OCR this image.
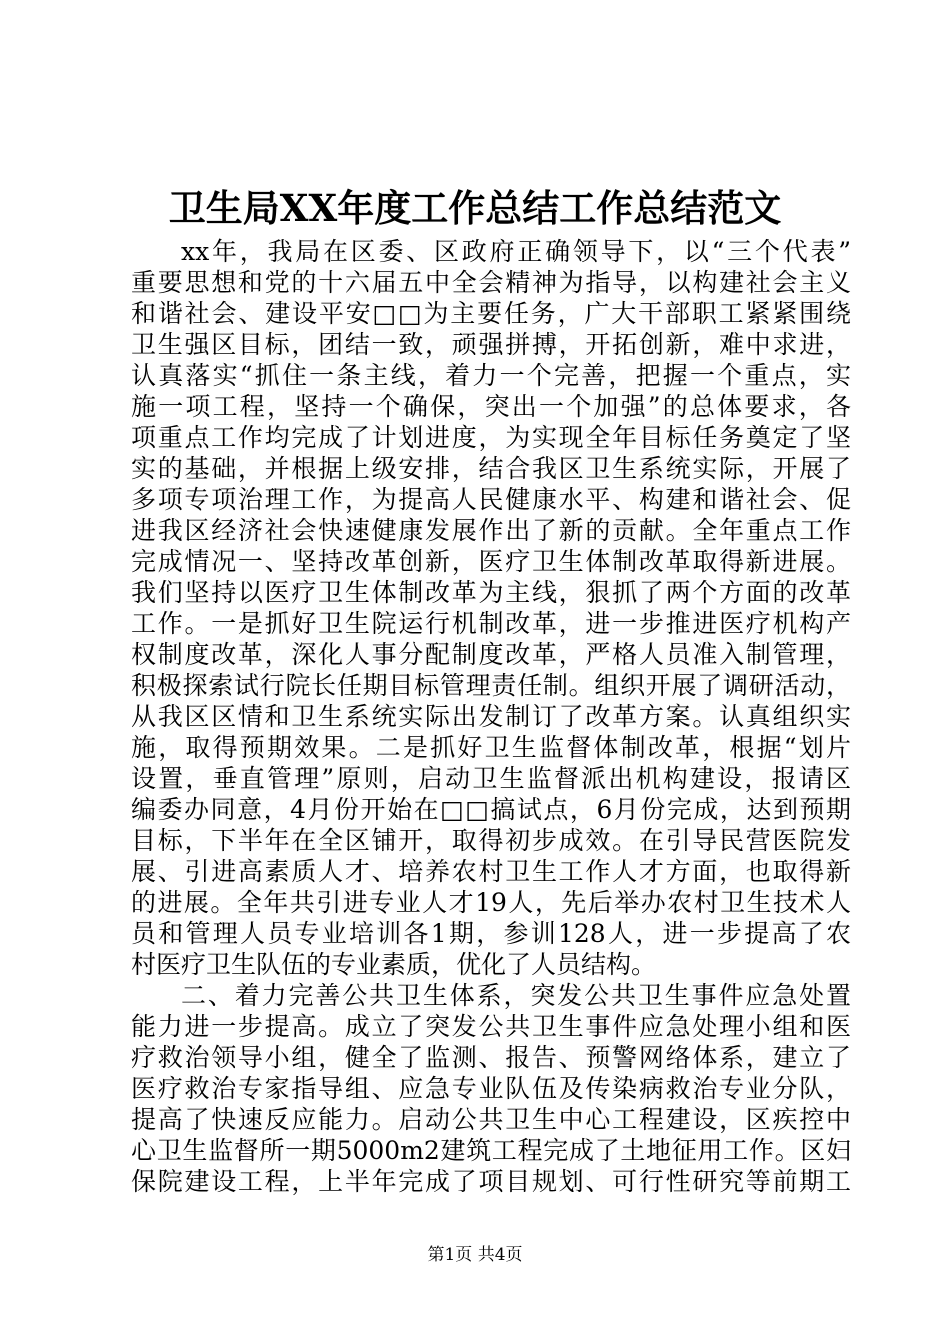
卫生局XX年度工作总结工作总结范文
xx年，我局在区委、区政府正确领导下，以“三个代表”
重要思想和党的十六届五中全会精神为指导，以构建社会主义
和谐社会、建设平安□□为主要任务，广大干部职工紧紧围绕
卫生强区目标，团结一致，顽强拼搏，开拓创新，难中求进，
认真落实“抓住一条主线，着力一个完善，把握一个重点，实
施一项工程，坚持一个确保，突出一个加强”的总体要求，各
项重点工作均完成了计划进度，为实现全年目标任务奠定了坚
实的基础，并根据上级安排，结合我区卫生系统实际，开展了
多项专项治理工作，为提高人民健康水平、构建和谐社会、促
进我区经济社会快速健康发展作出了新的贡献。全年重点工作
完成情况一、坚持改革创新，医疗卫生体制改革取得新进展。
我们坚持以医疗卫生体制改革为主线，狠抓了两个方面的改革
工作。一是抓好卫生院运行机制改革，进一步推进医疗机构产
权制度改革，深化人事分配制度改革，严格人员准入制管理，
积极探索试行院长任期目标管理责任制。组织开展了调研活动，
从我区区情和卫生系统实际出发制订了改革方案。认真组织实
施，取得预期效果。二是抓好卫生监督体制改革，根据“划片
设置，垂直管理”原则，启动卫生监督派出机构建设，报请区
编委办同意，4月份开始在□□搞试点，6月份完成，达到预期
目标，下半年在全区铺开，取得初步成效。在引导民营医院发
展、引进高素质人才、培养农村卫生工作人才方面，也取得新
的进展。全年共引进专业人才19人，先后举办农村卫生技术人
员和管理人员专业培训各1期，参训128人，进一步提高了农
村医疗卫生队伍的专业素质，优化了人员结构。
二、着力完善公共卫生体系，突发公共卫生事件应急处置
能力进一步提高。成立了突发公共卫生事件应急处理小组和医
疗救治领导小组，健全了监测、报告、预警网络体系，建立了
医疗救治专家指导组、应急专业队伍及传染病救治专业分队，
提高了快速反应能力。启动公共卫生中心工程建设，区疾控中
心卫生监督所一期5000m2建筑工程完成了土地征用工作。区妇
保院建设工程，上半年完成了项目规划、可行性研究等前期工
第1页 共4页
